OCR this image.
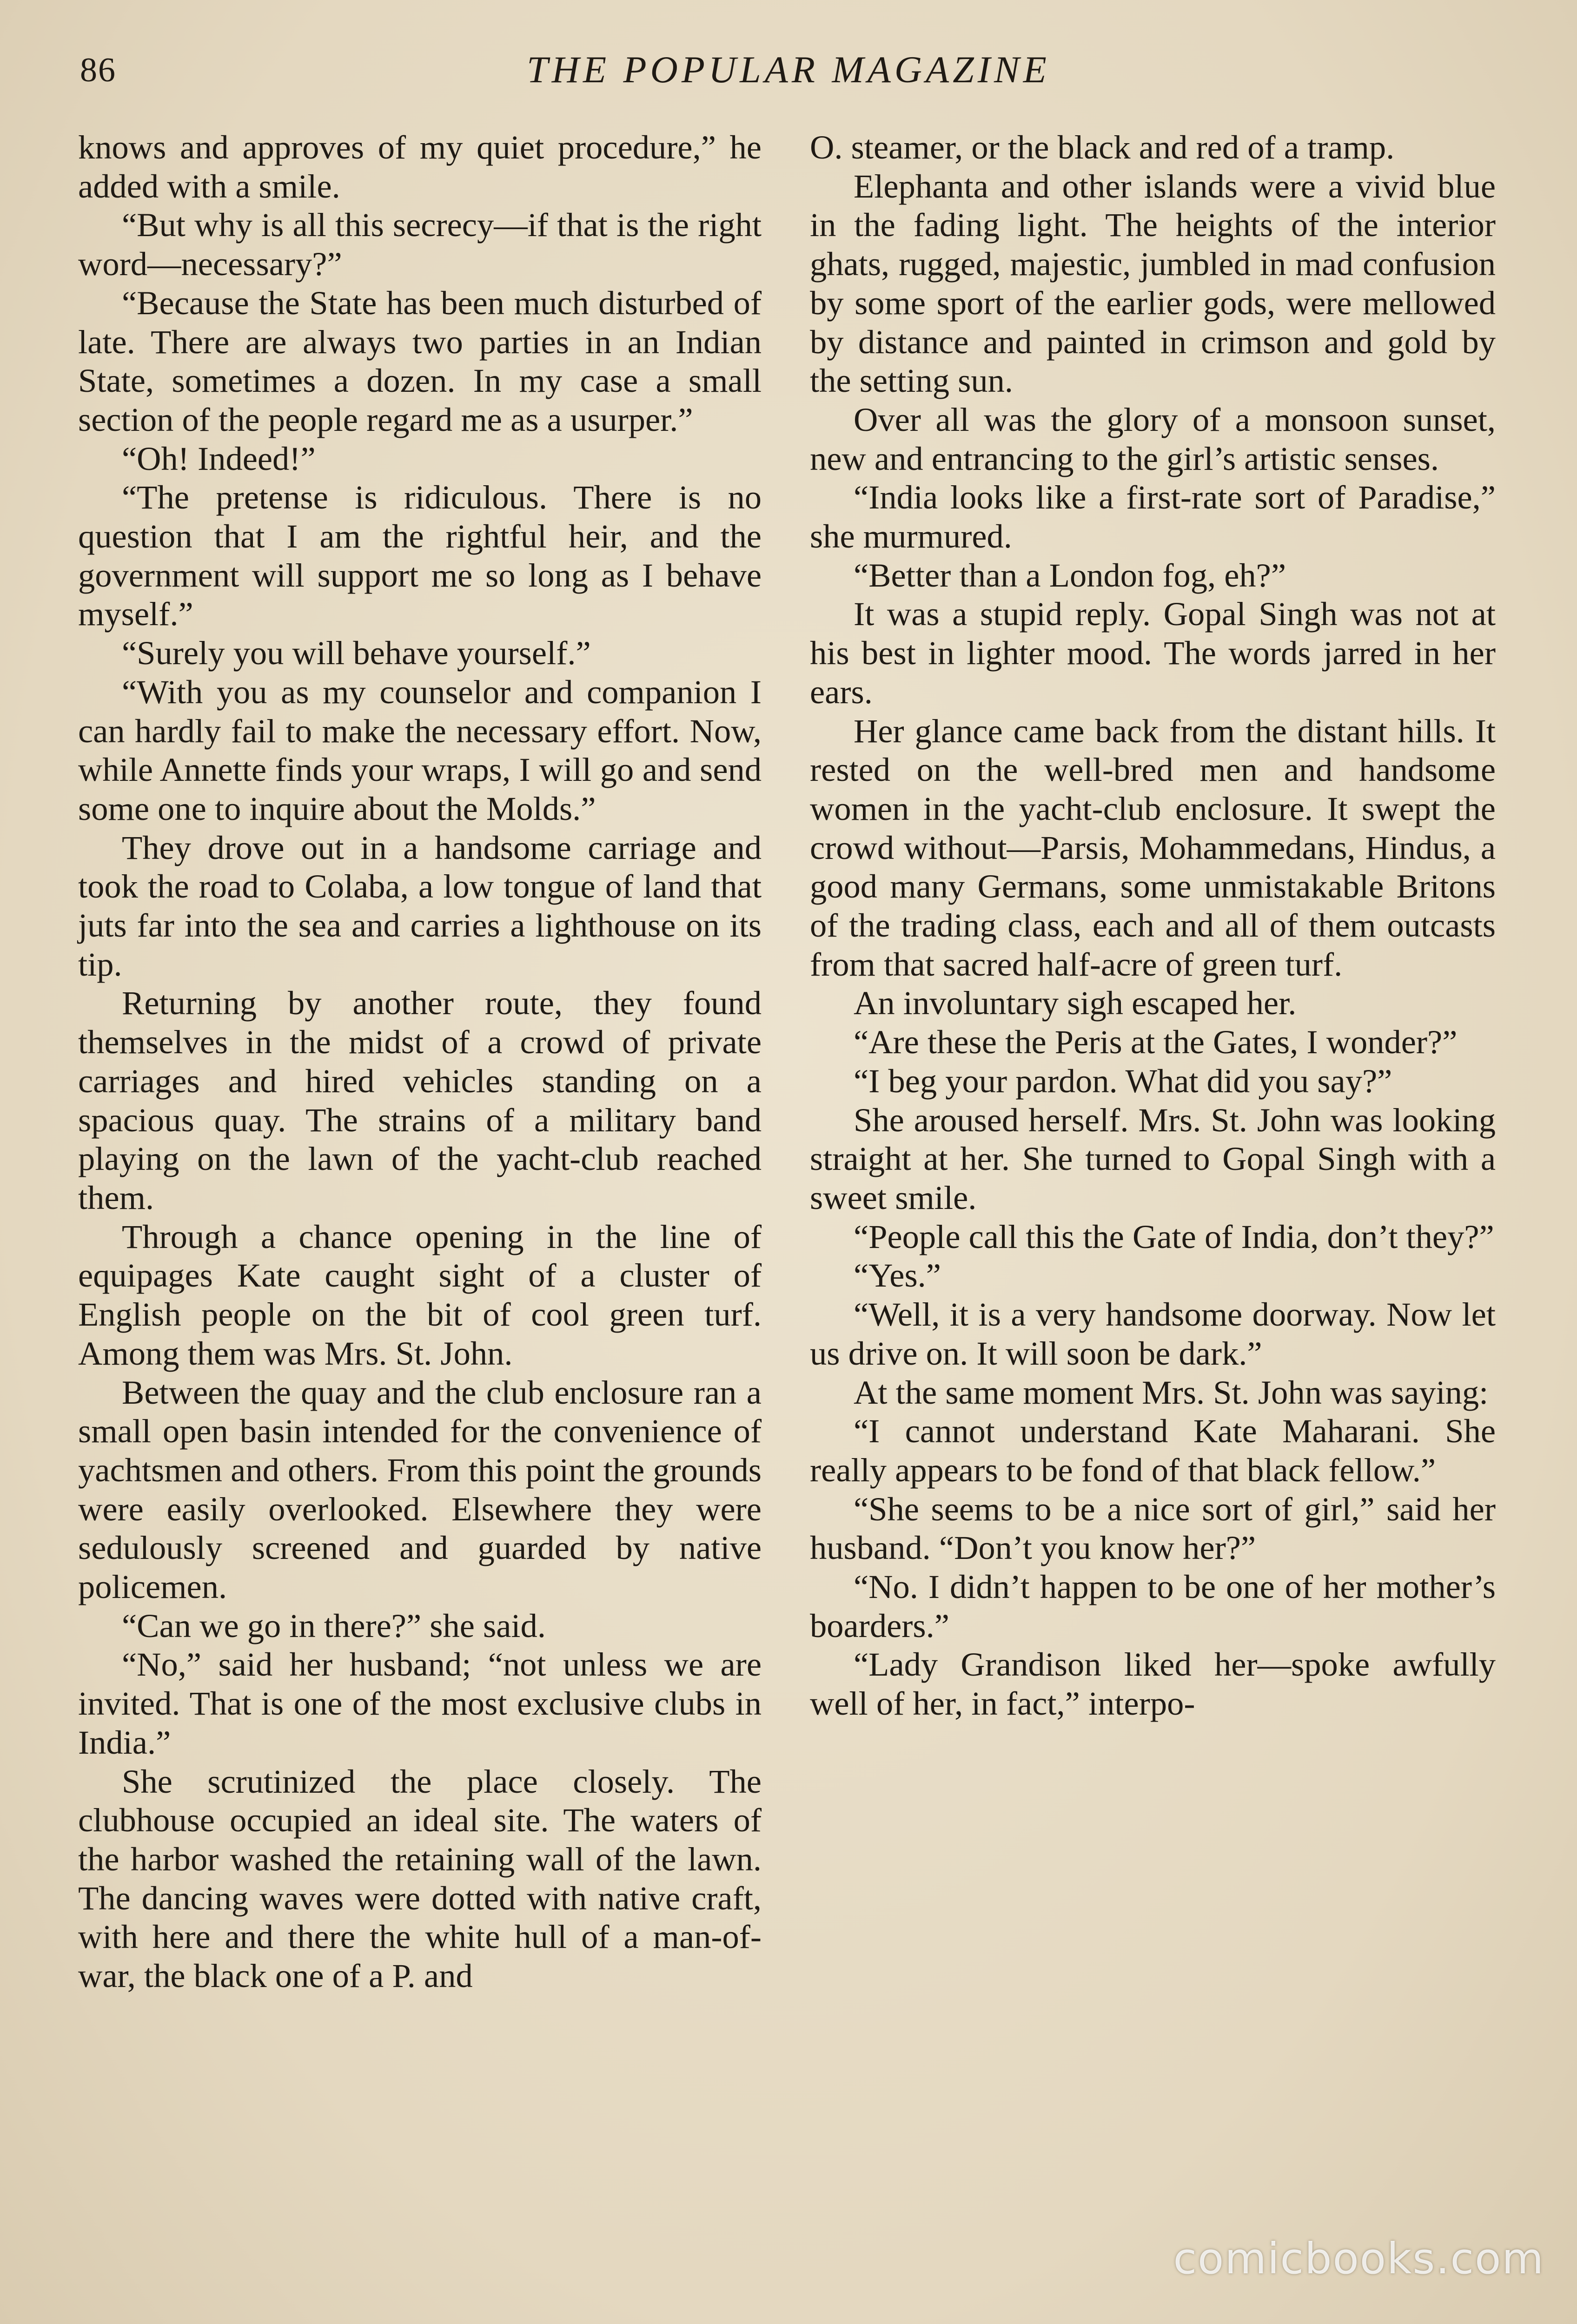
86	THE POPULAR MAGAZINE

knows and approves of my quiet procedure,” he added with a smile.

“But why is all this secrecy—if that is the right word—necessary?”

“Because the State has been much disturbed of late. There are always two parties in an Indian State, sometimes a dozen. In my case a small section of the people regard me as a usurper.”

“Oh! Indeed!”

“The pretense is ridiculous. There is no question that I am the rightful heir, and the government will support me so long as I behave myself.”

“Surely you will behave yourself.”

“With you as my counselor and companion I can hardly fail to make the necessary effort. Now, while Annette finds your wraps, I will go and send some one to inquire about the Molds.”

They drove out in a handsome carriage and took the road to Colaba, a low tongue of land that juts far into the sea and carries a lighthouse on its tip.

Returning by another route, they found themselves in the midst of a crowd of private carriages and hired vehicles standing on a spacious quay. The strains of a military band playing on the lawn of the yacht-club reached them.

Through a chance opening in the line of equipages Kate caught sight of a cluster of English people on the bit of cool green turf. Among them was Mrs. St. John.

Between the quay and the club enclosure ran a small open basin intended for the convenience of yachtsmen and others. From this point the grounds were easily overlooked. Elsewhere they were sedulously screened and guarded by native policemen.

“Can we go in there?” she said.

“No,” said her husband; “not unless we are invited. That is one of the most exclusive clubs in India.”

She scrutinized the place closely. The clubhouse occupied an ideal site. The waters of the harbor washed the retaining wall of the lawn. The dancing waves were dotted with native craft, with here and there the white hull of a man-of-war, the black one of a P. and

O. steamer, or the black and red of a tramp.

Elephanta and other islands were a vivid blue in the fading light. The heights of the interior ghats, rugged, majestic, jumbled in mad confusion by some sport of the earlier gods, were mellowed by distance and painted in crimson and gold by the setting sun.

Over all was the glory of a monsoon sunset, new and entrancing to the girl’s artistic senses.

“India looks like a first-rate sort of Paradise,” she murmured.

“Better than a London fog, eh?”

It was a stupid reply. Gopal Singh was not at his best in lighter mood. The words jarred in her ears.

Her glance came back from the distant hills. It rested on the well-bred men and handsome women in the yacht-club enclosure. It swept the crowd without—Parsis, Mohammedans, Hindus, a good many Germans, some unmistakable Britons of the trading class, each and all of them outcasts from that sacred half-acre of green turf.

An involuntary sigh escaped her.

“Are these the Peris at the Gates, I wonder?”

“I beg your pardon. What did you say?”

She aroused herself. Mrs. St. John was looking straight at her. She turned to Gopal Singh with a sweet smile.

“People call this the Gate of India, don’t they?”

“Yes.”

“Well, it is a very handsome doorway. Now let us drive on. It will soon be dark.”

At the same moment Mrs. St. John was saying:

“I cannot understand Kate Maharani. She really appears to be fond of that black fellow.”

“She seems to be a nice sort of girl,” said her husband. “Don’t you know her?”

“No. I didn’t happen to be one of her mother’s boarders.”

“Lady Grandison liked her—spoke awfully well of her, in fact,” interpo-

comicbooks.com
